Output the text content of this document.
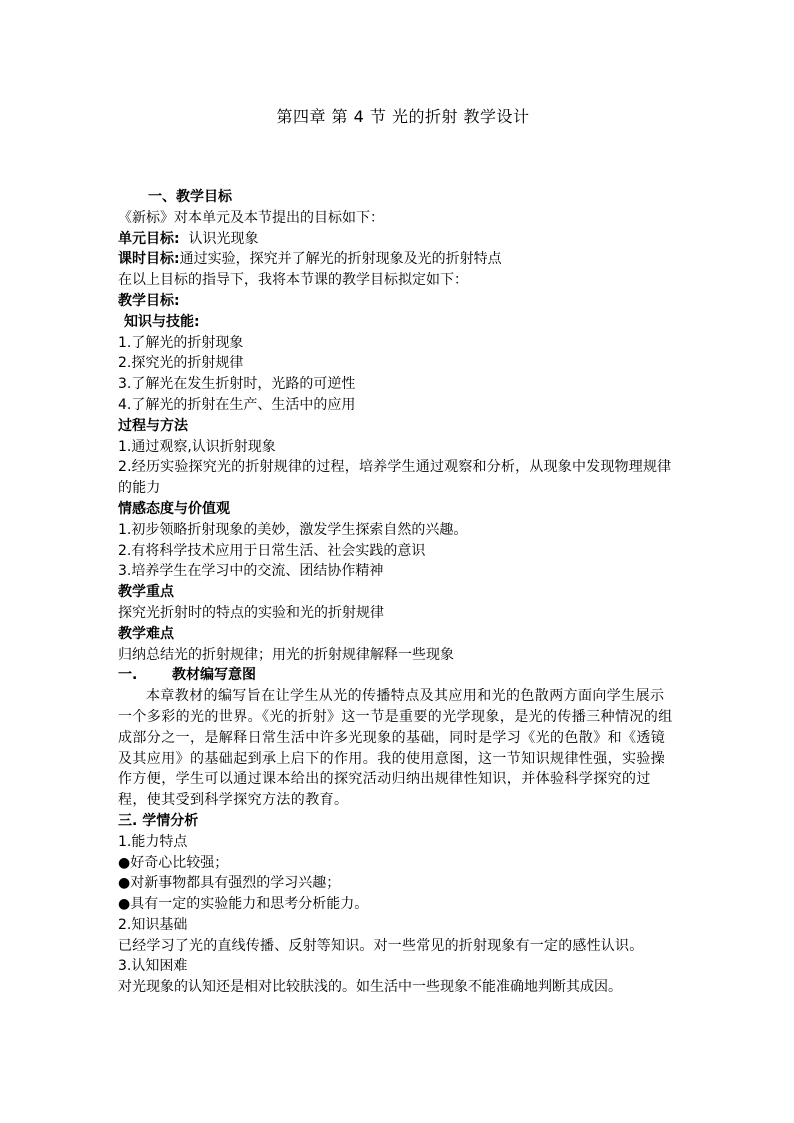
第四章 第 4 节 光的折射 教学设计
一、教学目标
《新标》对本单元及本节提出的目标如下：
单元目标:  认识光现象
课时目标:通过实验，探究并了解光的折射现象及光的折射特点
在以上目标的指导下，我将本节课的教学目标拟定如下：
教学目标:
知识与技能:
1.了解光的折射现象
2.探究光的折射规律
3.了解光在发生折射时，光路的可逆性
4.了解光的折射在生产、生活中的应用
过程与方法
1.通过观察,认识折射现象
2.经历实验探究光的折射规律的过程，培养学生通过观察和分析，从现象中发现物理规律的能力
情感态度与价值观
1.初步领略折射现象的美妙，激发学生探索自然的兴趣。
2.有将科学技术应用于日常生活、社会实践的意识
3.培养学生在学习中的交流、团结协作精神
教学重点
探究光折射时的特点的实验和光的折射规律
教学难点
归纳总结光的折射规律；用光的折射规律解释一些现象
一. 教材编写意图
本章教材的编写旨在让学生从光的传播特点及其应用和光的色散两方面向学生展示一个多彩的光的世界。《光的折射》这一节是重要的光学现象，是光的传播三种情况的组成部分之一，是解释日常生活中许多光现象的基础，同时是学习《光的色散》和《透镜及其应用》的基础起到承上启下的作用。我的使用意图，这一节知识规律性强，实验操作方便，学生可以通过课本给出的探究活动归纳出规律性知识，并体验科学探究的过程，使其受到科学探究方法的教育。
三. 学情分析
1.能力特点
●好奇心比较强；
●对新事物都具有强烈的学习兴趣；
●具有一定的实验能力和思考分析能力。
2.知识基础
已经学习了光的直线传播、反射等知识。对一些常见的折射现象有一定的感性认识。
3.认知困难
对光现象的认知还是相对比较肤浅的。如生活中一些现象不能准确地判断其成因。
